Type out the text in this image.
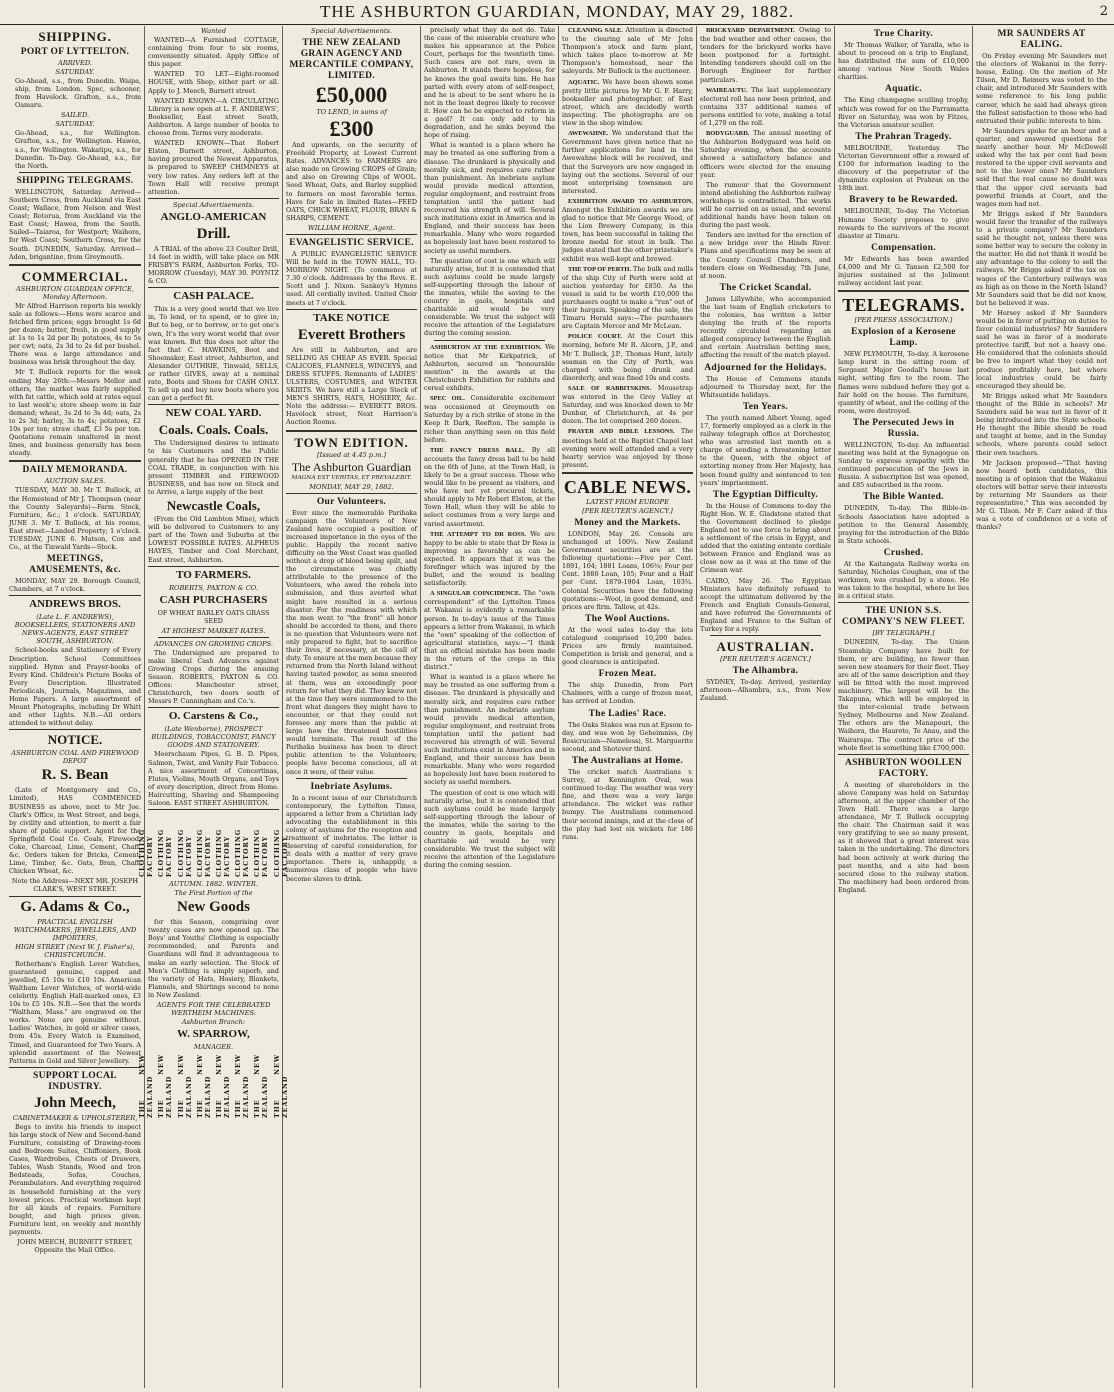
THE ASHBURTON GUARDIAN, MONDAY, MAY 29, 1882.	2
SHIPPING.
PORT OF LYTTELTON.
ARRIVED.
SATURDAY.

Go-Ahead, s.s., from Dunedin. Waipa, ship, from London. Spec, schooner, from Havelock. Grafton, s.s., from Oamaru.

SAILED.
SATURDAY.

Go-Ahead, s.s., for Wellington. Grafton, s.s., for Wellington. Hawea, s.s., for Wellington. Wakatipu, s.s., for Dunedin. To-Day. Go-Ahead, s.s., for the North.

SHIPPING TELEGRAMS.

WELLINGTON, Saturday. Arrived—Southern Cross, from Auckland via East Coast; Wallace, from Nelson and West Coast; Rotorua, from Auckland via the East Coast; Hawea, from the South. Sailed—Taiaroa, for Westport; Waihora, for West Coast; Southern Cross, for the South. DUNEDIN, Saturday. Arrived—Aden, brigantine, from Greymouth.

COMMERCIAL.
ASHBURTON GUARDIAN OFFICE, Monday Afternoon.

Mr Alfred Harrison reports his weekly sale as follows:—Hens were scarce and fetched firm prices; eggs brought 1s 6d per dozen; butter, fresh, in good supply at 1s to 1s 2d per lb; potatoes, 4s to 5s per cwt; oats, 2s 3d to 2s 4d per bushel. There was a large attendance and business was brisk throughout the day.

Mr T. Bullock reports for the week ending May 26th:—Messrs Mellor and others, the market was fairly supplied with fat cattle, which sold at rates equal to last week's; store sheep were in fair demand; wheat, 3s 2d to 3s 4d; oats, 2s to 2s 3d; barley, 3s to 4s; potatoes, £2 10s per ton; straw chaff, £3 5s per ton. Quotations remain unaltered in most lines, and business generally has been steady.

DAILY MEMORANDA.
AUCTION SALES.

TUESDAY, MAY 30. Mr T. Bullock, at the Homestead of Mr J. Thompson (near the County Saleyards)—Farm Stock, Furniture, &c.; 1 o'clock. SATURDAY, JUNE 3. Mr T. Bullock, at his rooms, East street—Landed Property; 1 o'clock. TUESDAY, JUNE 6. Matson, Cox and Co., at the Tinwald Yards—Stock.

MEETINGS, AMUSEMENTS, &c.

MONDAY, MAY 29. Borough Council, Chambers, at 7 o'clock.

ANDREWS BROS.
(Late L. F. ANDREWS), BOOKSELLERS, STATIONERS AND NEWS-AGENTS, EAST STREET SOUTH, ASHBURTON.

School-books and Stationery of Every Description. School Committees supplied. Hymn and Prayer-books of Every Kind. Children's Picture Books of Every Description. Illustrated Periodicals, Journals, Magazines, and Home Papers. A large assortment of Mount Photographs, including Dr Whitt and other Lights. N.B.—All orders attended to without delay.

NOTICE.
ASHBURTON COAL AND FIREWOOD DEPOT
R. S. Bean

(Late of Montgomery and Co., Limited), HAS COMMENCED BUSINESS as above, next to Mr Joe. Clark's Office, in West Street, and begs, by civility and attention, to merit a fair share of public support. Agent for the Springfield Coal Co. Coals, Firewood, Coke, Charcoal, Lime, Cement, Chaff, &c. Orders taken for Bricks, Cement, Lime, Timber, &c. Oats, Bran, Chaff, Chicken Wheat, &c.

Note the Address—NEXT MR. JOSEPH CLARK'S, WEST STREET.

G. Adams & Co.,
PRACTICAL ENGLISH WATCHMAKERS, JEWELLERS, AND IMPORTERS,
HIGH STREET (Next W. J. Fisher's), CHRISTCHURCH.

Rotherham's English Lever Watches, guaranteed genuine, capped and jewelled, £5 10s to £10 10s. American Waltham Lever Watches, of world-wide celebrity. English Hall-marked ones, £3 10s to £5 10s. N.B.—See that the words "Waltham, Mass." are engraved on the works. None are genuine without. Ladies' Watches, in gold or silver cases, from 45s. Every Watch is Examined, Timed, and Guaranteed for Two Years. A splendid assortment of the Newest Patterns in Gold and Silver Jewellery.

SUPPORT LOCAL INDUSTRY.
John Meech,
CABINETMAKER & UPHOLSTERER,

Begs to invite his friends to inspect his large stock of New and Second-hand Furniture, consisting of Drawing-room and Bedroom Suites, Chiffoniers, Book Cases, Wardrobes, Chests of Drawers, Tables, Wash Stands, Wood and Iron Bedsteads, Sofas, Couches, Perambulators. And everything required in household furnishing at the very lowest prices. Practical workmen kept for all kinds of repairs. Furniture bought, and high prices given. Furniture lent, on weekly and monthly payments.

JOHN MEECH, BURNETT STREET, Opposite the Mail Office.

Wanted

WANTED—A Furnished COTTAGE, containing from four to six rooms, conveniently situated. Apply Office of this paper.

WANTED TO LET—Eight-roomed HOUSE, with Shop; either part or all. Apply to J. Meech, Burnett street.

WANTED KNOWN—A CIRCULATING Library is now open at L. F. ANDREWS', Bookseller, East street South, Ashburton. A large number of books to choose from. Terms very moderate.

WANTED KNOWN—That Robert Elston, Burnett street, Ashburton, having procured the Newest Apparatus, is prepared to SWEEP CHIMNEYS at very low rates. Any orders left at the Town Hall will receive prompt attention.

Special Advertisements.
ANGLO-AMERICAN
Drill.

A TRIAL of the above 23 Coulter Drill, 14 feet in width, will take place on MR FRISBY'S FARM, Ashburton Forks, TO-MORROW (Tuesday), MAY 30. POYNTZ & CO.

CASH PALACE.

This is a very good world that we live in, To lend, or to spend, or to give in; But to beg, or to borrow, or to get one's own, It's the very worst world that ever was known. But this does not alter the fact that C. HAWKINS, Boot and Shoemaker, East street, Ashburton, and Alexander GUTHRIE, Tinwald, SELLS, or rather GIVES, away at a nominal rate, Boots and Shoes for CASH ONLY. To sell up and buy new boots where you can get a perfect fit.

NEW COAL YARD.
Coals. Coals. Coals.

The Undersigned desires to intimate to his Customers and the Public generally that he has OPENED IN THE COAL TRADE, in conjunction with his present TIMBER and FIREWOOD BUSINESS, and has now on Stock and to Arrive, a large supply of the best

Newcastle Coals,

(From the Old Lambton Mine), which will be delivered to Customers to any part of the Town and Suburbs at the LOWEST POSSIBLE RATES. ALPHEUS HAYES, Timber and Coal Merchant, East street, Ashburton.

TO FARMERS.
ROBERTS, PAXTON & CO.
CASH PURCHASERS

OF WHEAT BARLEY OATS GRASS SEED

AT HIGHEST MARKET RATES.
ADVANCES ON GROWING CROPS.

The Undersigned are prepared to make liberal Cash Advances against Growing Crops during the ensuing Season. ROBERTS, PAXTON & CO. Offices: Manchester street, Christchurch, two doors south of Messrs P. Cunningham and Co.'s.

O. Carstens & Co.,
(Late Wenborne), PROSPECT BUILDINGS, TOBACCONIST, FANCY GOODS AND STATIONERY.

Meerschaum Pipes, G. B. D. Pipes, Salmon, Twist, and Vanity Fair Tobacco. A nice assortment of Concertinas, Flutes, Violins, Mouth Organs, and Toys of every description, direct from Home. Haircutting, Shaving and Shampooing Saloon. EAST STREET ASHBURTON.

CLOTHING FACTORY CLOTHING FACTORY CLOTHING FACTORY CLOTHING FACTORY CLOTHING FACTORY CLOTHING FACTORY CLOTHING FACTORY CLOTHING FACTORY
AUTUMN. 1882. WINTER.
The First Portion of the
New Goods

for this Season, comprising over twenty cases are now opened up. The Boys' and Youths' Clothing is especially recommended, and Parents and Guardians will find it advantageous to make an early selection. The Stock of Men's Clothing is simply superb, and the variety of Hats, Hosiery, Blankets, Flannels, and Shirtings second to none in New Zealand.

AGENTS FOR THE CELEBRATED WERTHEIM MACHINES.
Ashburton Branch:
W. SPARROW,
MANAGER.
THE NEW ZEALAND THE NEW ZEALAND THE NEW ZEALAND THE NEW ZEALAND THE NEW ZEALAND THE NEW ZEALAND THE NEW ZEALAND THE NEW ZEALAND
Special Advertisements.
THE NEW ZEALAND GRAIN AGENCY AND MERCANTILE COMPANY, LIMITED.
£50,000
TO LEND, in sums of
£300

And upwards, on the security of Freehold Property, at Lowest Current Rates. ADVANCES to FARMERS are also made on Growing CROPS of Grain; and also on Growing Clips of WOOL. Seed Wheat, Oats, and Barley supplied to farmers on most favorable terms. Have for Sale in limited Rates—FEED OATS, CHICK WHEAT, FLOUR, BRAN & SHARPS, CEMENT.

WILLIAM HORNE, Agent.
EVANGELISTIC SERVICE.

A PUBLIC EVANGELISTIC SERVICE Will be held in the TOWN HALL, TO-MORROW NIGHT. (To commence at 7.30 o'clock. Addresses by the Revs. E. Scott and J. Nixon. Sankey's Hymns used. All cordially invited. United Choir meets at 7 o'clock.

TAKE NOTICE
Everett Brothers

Are still in Ashburton, and are SELLING AS CHEAP AS EVER. Special CALICOES, FLANNELS, WINCEYS, and DRESS STUFFS. Remnants of LADIES' ULSTERS, COSTUMES, and WINTER SKIRTS. We have still a Large Stock of MEN'S SHIRTS, HATS, HOSIERY, &c. Note the address:— EVERETT BROS. Havelock street, Next Harrison's Auction Rooms.

TOWN EDITION.
[Issued at 4.45 p.m.]
The Ashburton Guardian
MAGNA EST VERITAS, ET PREVALEBIT.
MONDAY, MAY 29, 1882.
Our Volunteers.

Ever since the memorable Parihaka campaign the Volunteers of New Zealand have occupied a position of increased importance in the eyes of the public. Happily the recent native difficulty on the West Coast was quelled without a drop of blood being spilt, and the circumstance was chiefly attributable to the presence of the Volunteers, who awed the rebels into submission, and thus averted what might have resulted in a serious disaster. For the readiness with which the men went to "the front" all honor should be accorded to them, and there is no question that Volunteers were not only prepared to fight, but to sacrifice their lives, if necessary, at the call of duty. To ensure at the men because they returned from the North Island without having tasted powder, as some sneered at them, was an exceedingly poor return for what they did. They knew not at the time they were summoned to the front what dangers they might have to encounter, or that they could not foresee any more than the public at large how the threatened hostilities would terminate. The result of the Parihaka business has been to direct public attention to the Volunteers; people have become conscious, all at once it were, of their value.

Inebriate Asylums.

In a recent issue of our Christchurch contemporary, the Lyttelton Times, appeared a letter from a Christian lady advocating the establishment in this colony of asylums for the reception and treatment of inebriates. The letter is deserving of careful consideration, for it deals with a matter of very grave importance. There is, unhappily, a numerous class of people who have become slaves to drink.

precisely what they do not do. Take the case of the miserable creature who makes his appearance at the Police Court, perhaps for the twentieth time. Such cases are not rare, even in Ashburton. It stands there hopeless, for he knows the goal awaits him. He has parted with every atom of self-respect, and he is about to be sent where he is not in the least degree likely to recover it. How can he be expected to reform in a gaol? It can only add to his degradation, and he sinks beyond the hope of rising.

What is wanted is a place where he may be treated as one suffering from a disease. The drunkard is physically and morally sick, and requires care rather than punishment. An inebriate asylum would provide medical attention, regular employment, and restraint from temptation until the patient had recovered his strength of will. Several such institutions exist in America and in England, and their success has been remarkable. Many who were regarded as hopelessly lost have been restored to society as useful members.

The question of cost is one which will naturally arise, but it is contended that such asylums could be made largely self-supporting through the labour of the inmates, while the saving to the country in gaols, hospitals and charitable aid would be very considerable. We trust the subject will receive the attention of the Legislature during the coming session.

ASHBURTON AT THE EXHIBITION. We notice that Mr Kirkpatrick, of Ashburton, secured an "honourable mention" in the awards at the Christchurch Exhibition for rabbits and cereal exhibits.

SPEC OIL. Considerable excitement was occasioned at Greymouth on Saturday by a rich strike of stone in the Keep It Dark, Reefton. The sample is richer than anything seen on this field before.

THE FANCY DRESS BALL. By all accounts the fancy dress ball to be held on the 6th of June, at the Town Hall, is likely to be a great success. Those who would like to be present as visitors, and who have not yet procured tickets, should apply to Mr Robert Elston, at the Town Hall, when they will be able to select costumes from a very large and varied assortment.

THE ATTEMPT TO DR ROSS. We are happy to be able to state that Dr Ross is improving as favorably as can be expected. It appears that it was the forefinger which was injured by the bullet, and the wound is healing satisfactorily.

A SINGULAR COINCIDENCE. The "own correspondent" of the Lyttelton Times at Wakanui is evidently a remarkable person. In to-day's issue of the Times appears a letter from Wakanui, in which the "own" speaking of the collection of agricultural statistics, says:—"I think that an official mistake has been made in the return of the crops in this district."

What is wanted is a place where he may be treated as one suffering from a disease. The drunkard is physically and morally sick, and requires care rather than punishment. An inebriate asylum would provide medical attention, regular employment, and restraint from temptation until the patient had recovered his strength of will. Several such institutions exist in America and in England, and their success has been remarkable. Many who were regarded as hopelessly lost have been restored to society as useful members.

The question of cost is one which will naturally arise, but it is contended that such asylums could be made largely self-supporting through the labour of the inmates, while the saving to the country in gaols, hospitals and charitable aid would be very considerable. We trust the subject will receive the attention of the Legislature during the coming session.

CLEANING SALE. Attention is directed to the clearing sale of Mr John Thompson's stock and farm plant, which takes place to-morrow at Mr Thompson's homestead, near the saleyards. Mr Bullock is the auctioneer.

AQUATIC. We have been shown some pretty little pictures by Mr G. F. Harry, bookseller and photographer, of East street, which are decidedly worth inspecting. The photographs are on view in the shop window.

AWEWAHNE. We understand that the Government have given notice that no further applications for land in the Awewahne block will be received, and that the Surveyors are now engaged in laying out the sections. Several of our most enterprising townsmen are interested.

EXHIBITION AWARD TO ASHBURTON. Amongst the Exhibition awards we are glad to notice that Mr George Wood, of the Lion Brewery Company, in this town, has been successful in taking the bronze medal for stout in bulk. The judges stated that the other prizetaker's exhibit was well-kept and brewed.

THE TOP OF PERTH. The bulk and mills of the ship City of Perth were sold at auction yesterday for £850. As the vessel is said to be worth £10,000 the purchasers ought to make a "run" out of their bargain. Speaking of the sale, the Timaru Herald says:—The purchasers are Captain Mercer and Mr McLean.

POLICE COURT. At the Court this morning, before Mr R. Alcorn, J.P., and Mr T. Bullock, J.P., Thomas Hunt, lately seaman on the City of Perth, was charged with being drunk and disorderly, and was fined 10s and costs.

SALE OF RABBITSKINS. Mousetrap was entered in the Grey Valley at Saturday, and was knocked down to Mr Dunbar, of Christchurch, at 4s per dozen. The lot comprised 260 dozen.

PRAYER AND BIBLE LESSONS. The meetings held at the Baptist Chapel last evening were well attended and a very hearty service was enjoyed by those present.

CABLE NEWS.
LATEST FROM EUROPE
[PER REUTER'S AGENCY.]
Money and the Markets.

LONDON, May 26. Consols are unchanged at 100¾. New Zealand Government securities are at the following quotations:—Five per Cent. 1891, 104; 1881 Loans, 106¼; Four per Cent. 1880 Loan, 105; Four and a Half per Cent. 1879-1904 Loan, 103¾. Colonial Securities have the following quotations:—Wool, in good demand, and prices are firm. Tallow, at 42s.

The Wool Auctions.

At the wool sales to-day the lots catalogued comprised 10,200 bales. Prices are firmly maintained. Competition is brisk and general, and a good clearance is anticipated.

Frozen Meat.

The ship Dunedin, from Port Chalmers, with a cargo of frozen meat, has arrived at London.

The Ladies' Race.

The Oaks Stakes was run at Epsom to-day, and was won by Geheimniss, (by Rosicrucian—Nameless), St. Marguerite second, and Shotover third.

The Australians at Home.

The cricket match Australians v. Surrey, at Kennington Oval, was continued to-day. The weather was very fine, and there was a very large attendance. The wicket was rather bumpy. The Australians commenced their second innings, and at the close of the play had lost six wickets for 186 runs.

BRICKYARD DEPARTMENT. Owing to the bad weather and other causes, the tenders for the brickyard works have been postponed for a fortnight. Intending tenderers should call on the Borough Engineer for further particulars.

WAIREAUTU. The last supplementary electoral roll has now been printed, and contains 337 additional names of persons entitled to vote, making a total of 1,279 on the roll.

BODYGUARD. The annual meeting of the Ashburton Bodyguard was held on Saturday evening, when the accounts showed a satisfactory balance and officers were elected for the ensuing year.

The rumour that the Government intend abolishing the Ashburton railway workshops is contradicted. The works will be carried on as usual, and several additional hands have been taken on during the past week.

Tenders are invited for the erection of a new bridge over the Hinds River. Plans and specifications may be seen at the County Council Chambers, and tenders close on Wednesday, 7th June, at noon.

The Cricket Scandal.

James Lillywhite, who accompanied the last team of English cricketers to the colonies, has written a letter denying the truth of the reports recently circulated regarding an alleged conspiracy between the English and certain Australian betting men, affecting the result of the match played.

Adjourned for the Holidays.

The House of Commons stands adjourned to Thursday next, for the Whitsuntide holidays.

Ten Years.

The youth named Albert Young, aged 17, formerly employed as a clerk in the railway telegraph office at Dorchester, who was arrested last month on a charge of sending a threatening letter to the Queen, with the object of extorting money from Her Majesty, has been found guilty and sentenced to ten years' imprisonment.

The Egyptian Difficulty.

In the House of Commons to-day the Right Hon. W. E. Gladstone stated that the Government declined to pledge England not to use force to bring about a settlement of the crisis in Egypt, and added that the existing entente cordiale between France and England was as close now as it was at the time of the Crimean war.

CAIRO, May 26. The Egyptian Ministers have definitely refused to accept the ultimatum delivered by the French and English Consuls-General, and have referred the Governments of England and France to the Sultan of Turkey for a reply.

AUSTRALIAN.
[PER REUTER'S AGENCY.]
The Alhambra.

SYDNEY, To-day. Arrived, yesterday afternoon—Alhambra, s.s., from New Zealand.

True Charity.

Mr Thomas Walker, of Yaralla, who is about to proceed on a trip to England, has distributed the sum of £10,000 among various New South Wales charities.

Aquatic.

The King champagne sculling trophy, which was rowed for on the Parramatta River on Saturday, was won by Fitzes, the Victorian amateur sculler.

The Prahran Tragedy.

MELBOURNE, Yesterday. The Victorian Government offer a reward of £100 for information leading to the discovery of the perpetrator of the dynamite explosion at Prahran on the 18th inst.

Bravery to be Rewarded.

MELBOURNE, To-day. The Victorian Humane Society proposes to give rewards to the survivors of the recent disaster at Timaru.

Compensation.

Mr Edwards has been awarded £4,000 and Mr G. Tanson £2,500 for injuries sustained at the Jolimont railway accident last year.

TELEGRAMS.
[PER PRESS ASSOCIATION.]
Explosion of a Kerosene Lamp.

NEW PLYMOUTH, To-day. A kerosene lamp burst in the sitting room of Sergeant Major Goodall's house last night, setting fire to the room. The flames were subdued before they got a fair hold on the house. The furniture, quantity of wheat, and the ceiling of the room, were destroyed.

The Persecuted Jews in Russia.

WELLINGTON, To-day. An influential meeting was held at the Synagogue on Sunday to express sympathy with the continued persecution of the Jews in Russia. A subscription list was opened, and £85 subscribed in the room.

The Bible Wanted.

DUNEDIN, To-day. The Bible-in-Schools Association have adopted a petition to the General Assembly, praying for the introduction of the Bible in State schools.

Crushed.

At the Kaitangata Railway works on Saturday, Nicholas Coughan, one of the workmen, was crushed by a stone. He was taken to the hospital, where he lies in a critical state.

THE UNION S.S. COMPANY'S NEW FLEET.
[BY TELEGRAPH.]

DUNEDIN, To-day. The Union Steamship Company have built for them, or are building, no fewer than seven new steamers for their fleet. They are all of the same description and they will be fitted with the most improved machinery. The largest will be the Takapuna, which will be employed in the inter-colonial trade between Sydney, Melbourne and New Zealand. The others are the Manapouri, the Waihora, the Hauroto, Te Anau, and the Wairarapa. The contract price of the whole fleet is something like £700,000.

ASHBURTON WOOLLEN FACTORY.

A meeting of shareholders in the above Company was held on Saturday afternoon, at the upper chamber of the Town Hall. There was a large attendance, Mr T. Bullock occupying the chair. The Chairman said it was very gratifying to see so many present, as it showed that a great interest was taken in the undertaking. The directors had been actively at work during the past months, and a site had been secured close to the railway station. The machinery had been ordered from England.

MR SAUNDERS AT EALING.

On Friday evening Mr Saunders met the electors of Wakanui in the ferry-house, Ealing. On the motion of Mr Tilson, Mr D. Reimers was voted to the chair, and introduced Mr Saunders with some reference to his long public career, which he said had always given the fullest satisfaction to those who had entrusted their public interests to him.

Mr Saunders spoke for an hour and a quarter, and answered questions for nearly another hour. Mr McDowell asked why the tax per cent had been restored to the upper civil servants and not to the lower ones? Mr Saunders said that the real cause no doubt was that the upper civil servants had powerful friends at Court, and the wages men had not.

Mr Briggs asked if Mr Saunders would favor the transfer of the railways to a private company? Mr Saunders said he thought not, unless there was some better way to secure the colony in the matter. He did not think it would be any advantage to the colony to sell the railways. Mr Briggs asked if the tax on wages of the Canterbury railways was as high as on those in the North Island? Mr Saunders said that he did not know, but he believed it was.

Mr Hersey asked if Mr Saunders would be in favor of putting on duties to favor colonial industries? Mr Saunders said he was in favor of a moderate protective tariff, but not a heavy one. He considered that the colonists should be free to import what they could not produce profitably here, but where local industries could be fairly encouraged they should be.

Mr Briggs asked what Mr Saunders thought of the Bible in schools? Mr Saunders said he was not in favor of it being introduced into the State schools. He thought the Bible should be read and taught at home, and in the Sunday schools, where parents could select their own teachers.

Mr Jackson proposed—"That having now heard both candidates, this meeting is of opinion that the Wakanui electors will better serve their interests by returning Mr Saunders as their representative." This was seconded by Mr G. Tilson. Mr F. Carr asked if this was a vote of confidence or a vote of thanks?
